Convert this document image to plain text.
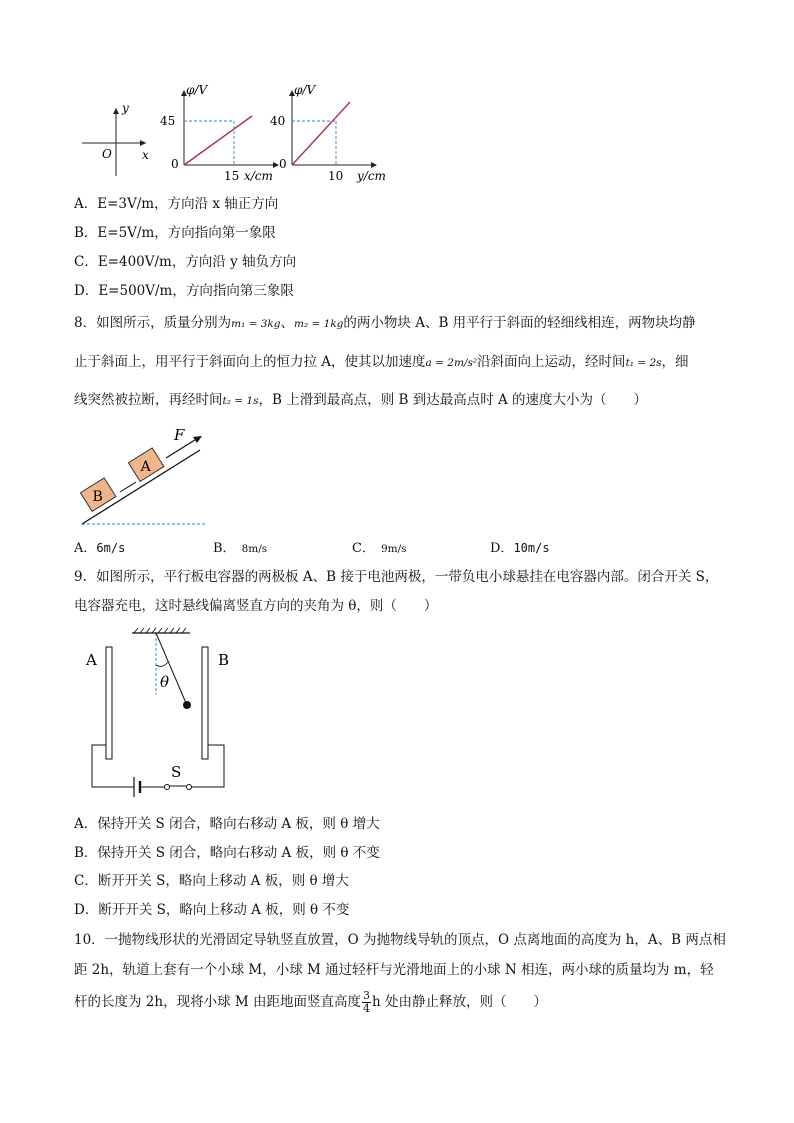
y
x
O
φ/V
45
0
15 x/cm
φ/V
40
0
10 y/cm
A．E=3V/m，方向沿 x 轴正方向
B．E=5V/m，方向指向第一象限
C．E=400V/m，方向沿 y 轴负方向
D．E=500V/m，方向指向第三象限
8．如图所示，质量分别为m₁ = 3kg、m₂ = 1kg的两小物块 A、B 用平行于斜面的轻细线相连，两物块均静
止于斜面上，用平行于斜面向上的恒力拉 A，使其以加速度a = 2m/s²沿斜面向上运动，经时间t₁ = 2s，细
线突然被拉断，再经时间t₂ = 1s，B 上滑到最高点，则 B 到达最高点时 A 的速度大小为（　　）
B
A
F
A．6m/s	B． 8m/s	C． 9m/s	D．10m/s
9．如图所示，平行板电容器的两极板 A、B 接于电池两极，一带负电小球悬挂在电容器内部。闭合开关 S，
电容器充电，这时悬线偏离竖直方向的夹角为 θ，则（　　）
θ
A	B
S
A．保持开关 S 闭合，略向右移动 A 板，则 θ 增大
B．保持开关 S 闭合，略向右移动 A 板，则 θ 不变
C．断开开关 S，略向上移动 A 板，则 θ 增大
D．断开开关 S，略向上移动 A 板，则 θ 不变
10．一抛物线形状的光滑固定导轨竖直放置，O 为抛物线导轨的顶点，O 点离地面的高度为 h，A、B 两点相
距 2h，轨道上套有一个小球 M，小球 M 通过轻杆与光滑地面上的小球 N 相连，两小球的质量均为 m，轻
杆的长度为 2h，现将小球 M 由距地面竖直高度 $\frac{3}{4}$ h 处由静止释放，则（　　）
